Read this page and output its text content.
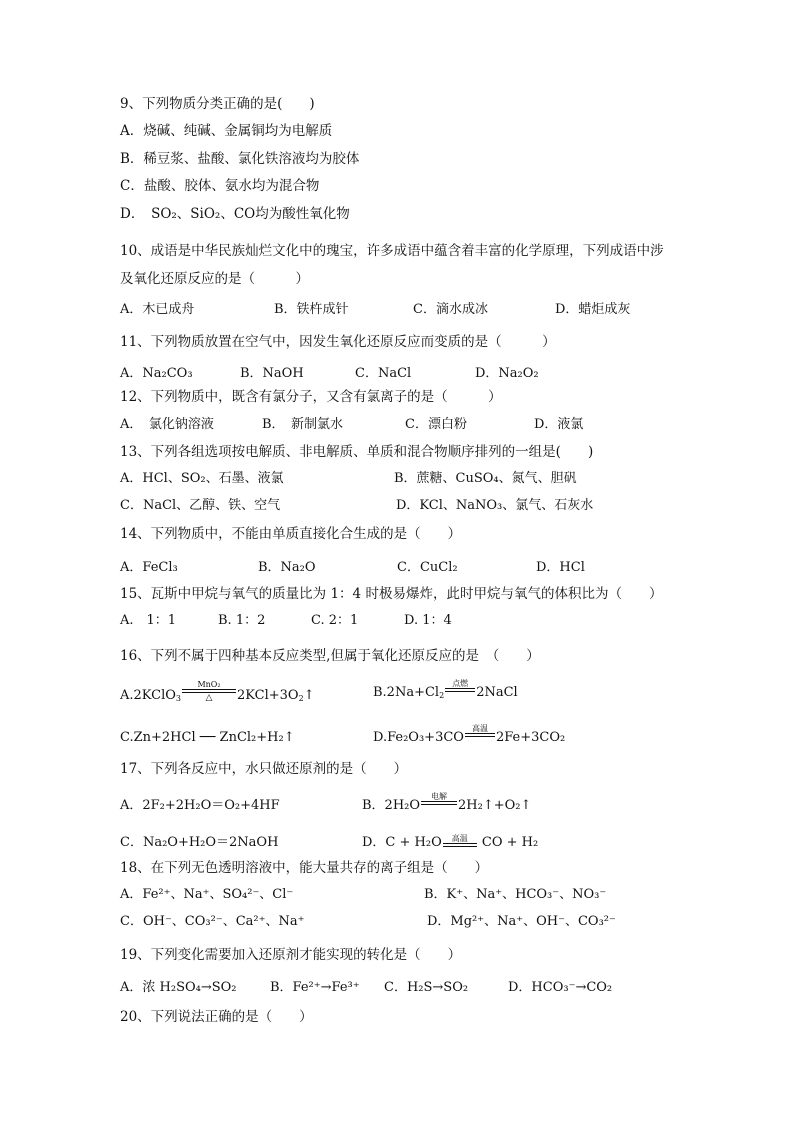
9、下列物质分类正确的是(　　)
A．烧碱、纯碱、金属铜均为电解质
B．稀豆浆、盐酸、氯化铁溶液均为胶体
C．盐酸、胶体、氨水均为混合物
D．　SO₂、SiO₂、CO均为酸性氧化物
10、成语是中华民族灿烂文化中的瑰宝，许多成语中蕴含着丰富的化学原理，下列成语中涉
及氧化还原反应的是（　　　）
A．木已成舟	B．铁杵成针	C．滴水成冰	D．蜡炬成灰
11、下列物质放置在空气中，因发生氧化还原反应而变质的是（　　　）
A．Na₂CO₃	B．NaOH	C．NaCl	D．Na₂O₂
12、下列物质中，既含有氯分子，又含有氯离子的是（　　　）
A．　氯化钠溶液	B．　新制氯水	C．漂白粉	D．液氯
13、下列各组选项按电解质、非电解质、单质和混合物顺序排列的一组是(　　)
A．HCl、SO₂、石墨、液氯	B．蔗糖、CuSO₄、氮气、胆矾
C．NaCl、乙醇、铁、空气	D．KCl、NaNO₃、氯气、石灰水
14、下列物质中，不能由单质直接化合生成的是（　　）
A．FeCl₃	B．Na₂O	C．CuCl₂	D．HCl
15、瓦斯中甲烷与氧气的质量比为 1：4 时极易爆炸，此时甲烷与氧气的体积比为（　　）
A.　1：1	B. 1：2	C. 2：1	D. 1：4
16、下列不属于四种基本反应类型,但属于氧化还原反应的是　（　　）
A.2KClO$_3$
MnO₂
△	$2KCl+3O_2↑$	$B.2Na+Cl_2$
点燃
2NaCl
C.Zn+2HCl ── ZnCl₂+H₂↑	D.Fe₂O₃+3CO
高温
2Fe+3CO₂
17、下列各反应中，水只做还原剂的是（　　）
A．2F₂+2H₂O＝O₂+4HF	B．2H₂O
电解
2H₂↑+O₂↑
C．Na₂O+H₂O＝2NaOH	D．C + H₂O	高温	CO + H₂
18、在下列无色透明溶液中，能大量共存的离子组是（　　）
A．Fe²⁺、Na⁺、SO₄²⁻、Cl⁻	B．K⁺、Na⁺、HCO₃⁻、NO₃⁻
C．OH⁻、CO₃²⁻、Ca²⁺、Na⁺	D．Mg²⁺、Na⁺、OH⁻、CO₃²⁻
19、下列变化需要加入还原剂才能实现的转化是（　　）
A．浓 H₂SO₄→SO₂	B．Fe²⁺→Fe³⁺ C．H₂S→SO₂	D．HCO₃⁻→CO₂
20、下列说法正确的是（　　）
